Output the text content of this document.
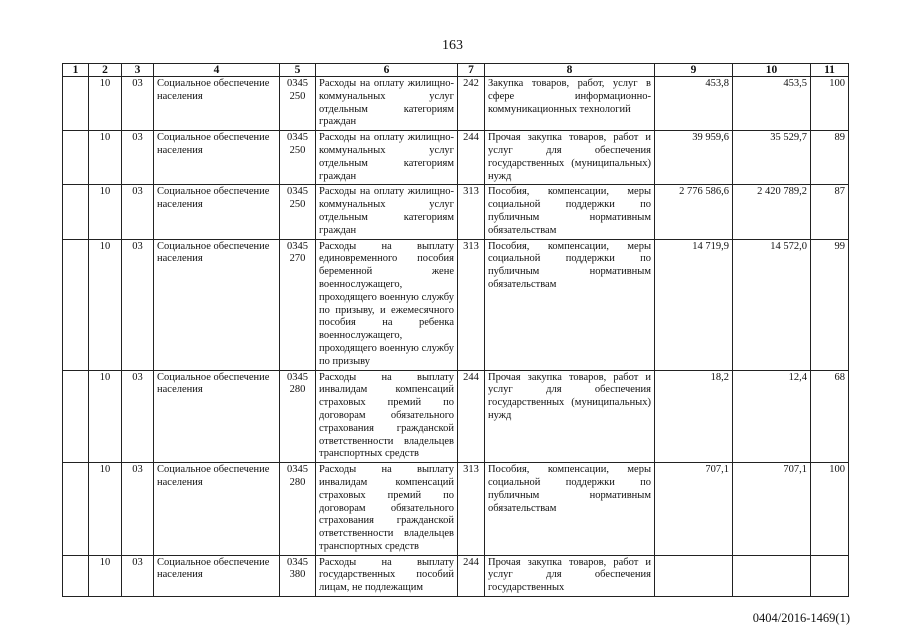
163
1	2	3	4	5	6	7	8	9	10	11
	10	03	Социальное обеспечение населения	0345 250	Расходы на оплату жилищно-коммунальных услуг отдельным категориям граждан	242	Закупка товаров, работ, услуг в сфере информационно-коммуникационных технологий	453,8	453,5	100
	10	03	Социальное обеспечение населения	0345 250	Расходы на оплату жилищно-коммунальных услуг отдельным категориям граждан	244	Прочая закупка товаров, работ и услуг для обеспечения государственных (муниципальных) нужд	39 959,6	35 529,7	89
	10	03	Социальное обеспечение населения	0345 250	Расходы на оплату жилищно-коммунальных услуг отдельным категориям граждан	313	Пособия, компенсации, меры социальной поддержки по публичным нормативным обязательствам	2 776 586,6	2 420 789,2	87
	10	03	Социальное обеспечение населения	0345 270	Расходы на выплату единовременного пособия беременной жене военнослужащего, проходящего военную службу по призыву, и ежемесячного пособия на ребенка военнослужащего, проходящего военную службу по призыву	313	Пособия, компенсации, меры социальной поддержки по публичным нормативным обязательствам	14 719,9	14 572,0	99
	10	03	Социальное обеспечение населения	0345 280	Расходы на выплату инвалидам компенсаций страховых премий по договорам обязательного страхования гражданской ответственности владельцев транспортных средств	244	Прочая закупка товаров, работ и услуг для обеспечения государственных (муниципальных) нужд	18,2	12,4	68
	10	03	Социальное обеспечение населения	0345 280	Расходы на выплату инвалидам компенсаций страховых премий по договорам обязательного страхования гражданской ответственности владельцев транспортных средств	313	Пособия, компенсации, меры социальной поддержки по публичным нормативным обязательствам	707,1	707,1	100
	10	03	Социальное обеспечение населения	0345 380	Расходы на выплату государственных пособий лицам, не подлежащим	244	Прочая закупка товаров, работ и услуг для обеспечения государственных			
0404/2016-1469(1)
